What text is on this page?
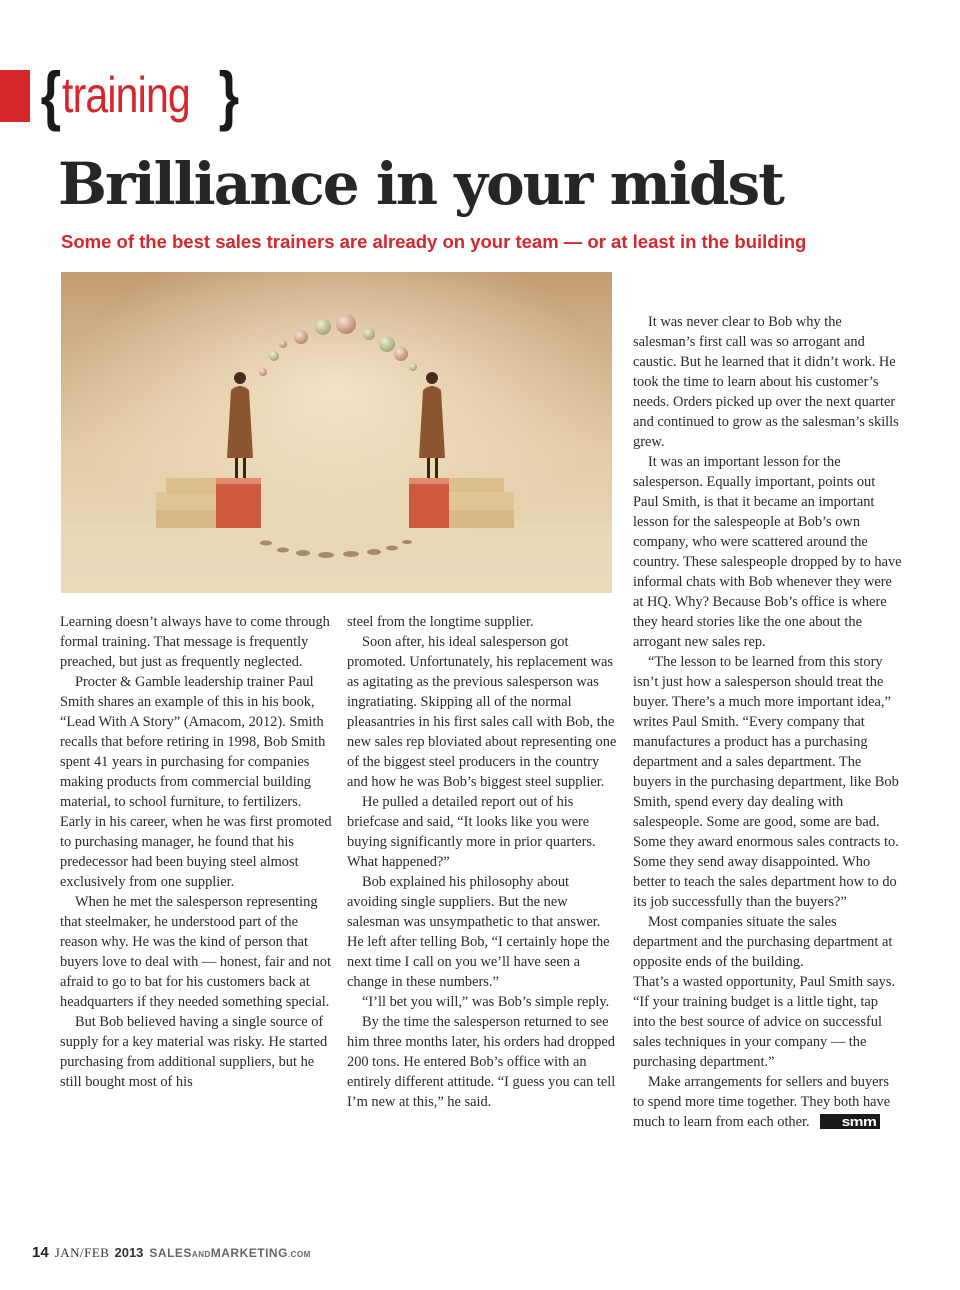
{ training }
Brilliance in your midst
Some of the best sales trainers are already on your team — or at least in the building

Learning doesn’t always have to come through formal training. That message is frequently preached, but just as frequently neglected.

Procter & Gamble leadership trainer Paul Smith shares an example of this in his book, “Lead With A Story” (Amacom, 2012). Smith recalls that before retiring in 1998, Bob Smith spent 41 years in purchasing for companies making products from commercial building material, to school furniture, to fertilizers. Early in his career, when he was first promoted to purchasing manager, he found that his predecessor had been buying steel almost exclusively from one supplier.

When he met the salesperson representing that steelmaker, he understood part of the reason why. He was the kind of person that buyers love to deal with — honest, fair and not afraid to go to bat for his customers back at headquarters if they needed something special.

But Bob believed having a single source of supply for a key material was risky. He started purchasing from additional suppliers, but he still bought most of his

steel from the longtime supplier.

Soon after, his ideal salesperson got promoted. Unfortunately, his replacement was as agitating as the previous salesperson was ingratiating. Skipping all of the normal pleasantries in his first sales call with Bob, the new sales rep bloviated about representing one of the biggest steel producers in the country and how he was Bob’s biggest steel supplier.

He pulled a detailed report out of his briefcase and said, “It looks like you were buying significantly more in prior quarters. What happened?”

Bob explained his philosophy about avoiding single suppliers. But the new salesman was unsympathetic to that answer. He left after telling Bob, “I certainly hope the next time I call on you we’ll have seen a change in these numbers.”

“I’ll bet you will,” was Bob’s simple reply.

By the time the salesperson returned to see him three months later, his orders had dropped 200 tons. He entered Bob’s office with an entirely different attitude. “I guess you can tell I’m new at this,” he said.

It was never clear to Bob why the salesman’s first call was so arrogant and caustic. But he learned that it didn’t work. He took the time to learn about his customer’s needs. Orders picked up over the next quarter and continued to grow as the salesman’s skills grew.

It was an important lesson for the salesperson. Equally important, points out Paul Smith, is that it became an important lesson for the salespeople at Bob’s own company, who were scattered around the country. These salespeople dropped by to have informal chats with Bob whenever they were at HQ. Why? Because Bob’s office is where they heard stories like the one about the arrogant new sales rep.

“The lesson to be learned from this story isn’t just how a salesperson should treat the buyer. There’s a much more important idea,” writes Paul Smith. “Every company that manufactures a product has a purchasing department and a sales department. The buyers in the purchasing department, like Bob Smith, spend every day dealing with salespeople. Some are good, some are bad. Some they award enormous sales contracts to. Some they send away disappointed. Who better to teach the sales department how to do its job successfully than the buyers?”

Most companies situate the sales department and the purchasing department at opposite ends of the building.

That’s a wasted opportunity, Paul Smith says. “If your training budget is a little tight, tap into the best source of advice on successful sales techniques in your company — the purchasing department.”

Make arrangements for sellers and buyers to spend more time together. They both have much to learn from each other. smm

14 JAN/FEB 2013 SALESANDMARKETING.COM
